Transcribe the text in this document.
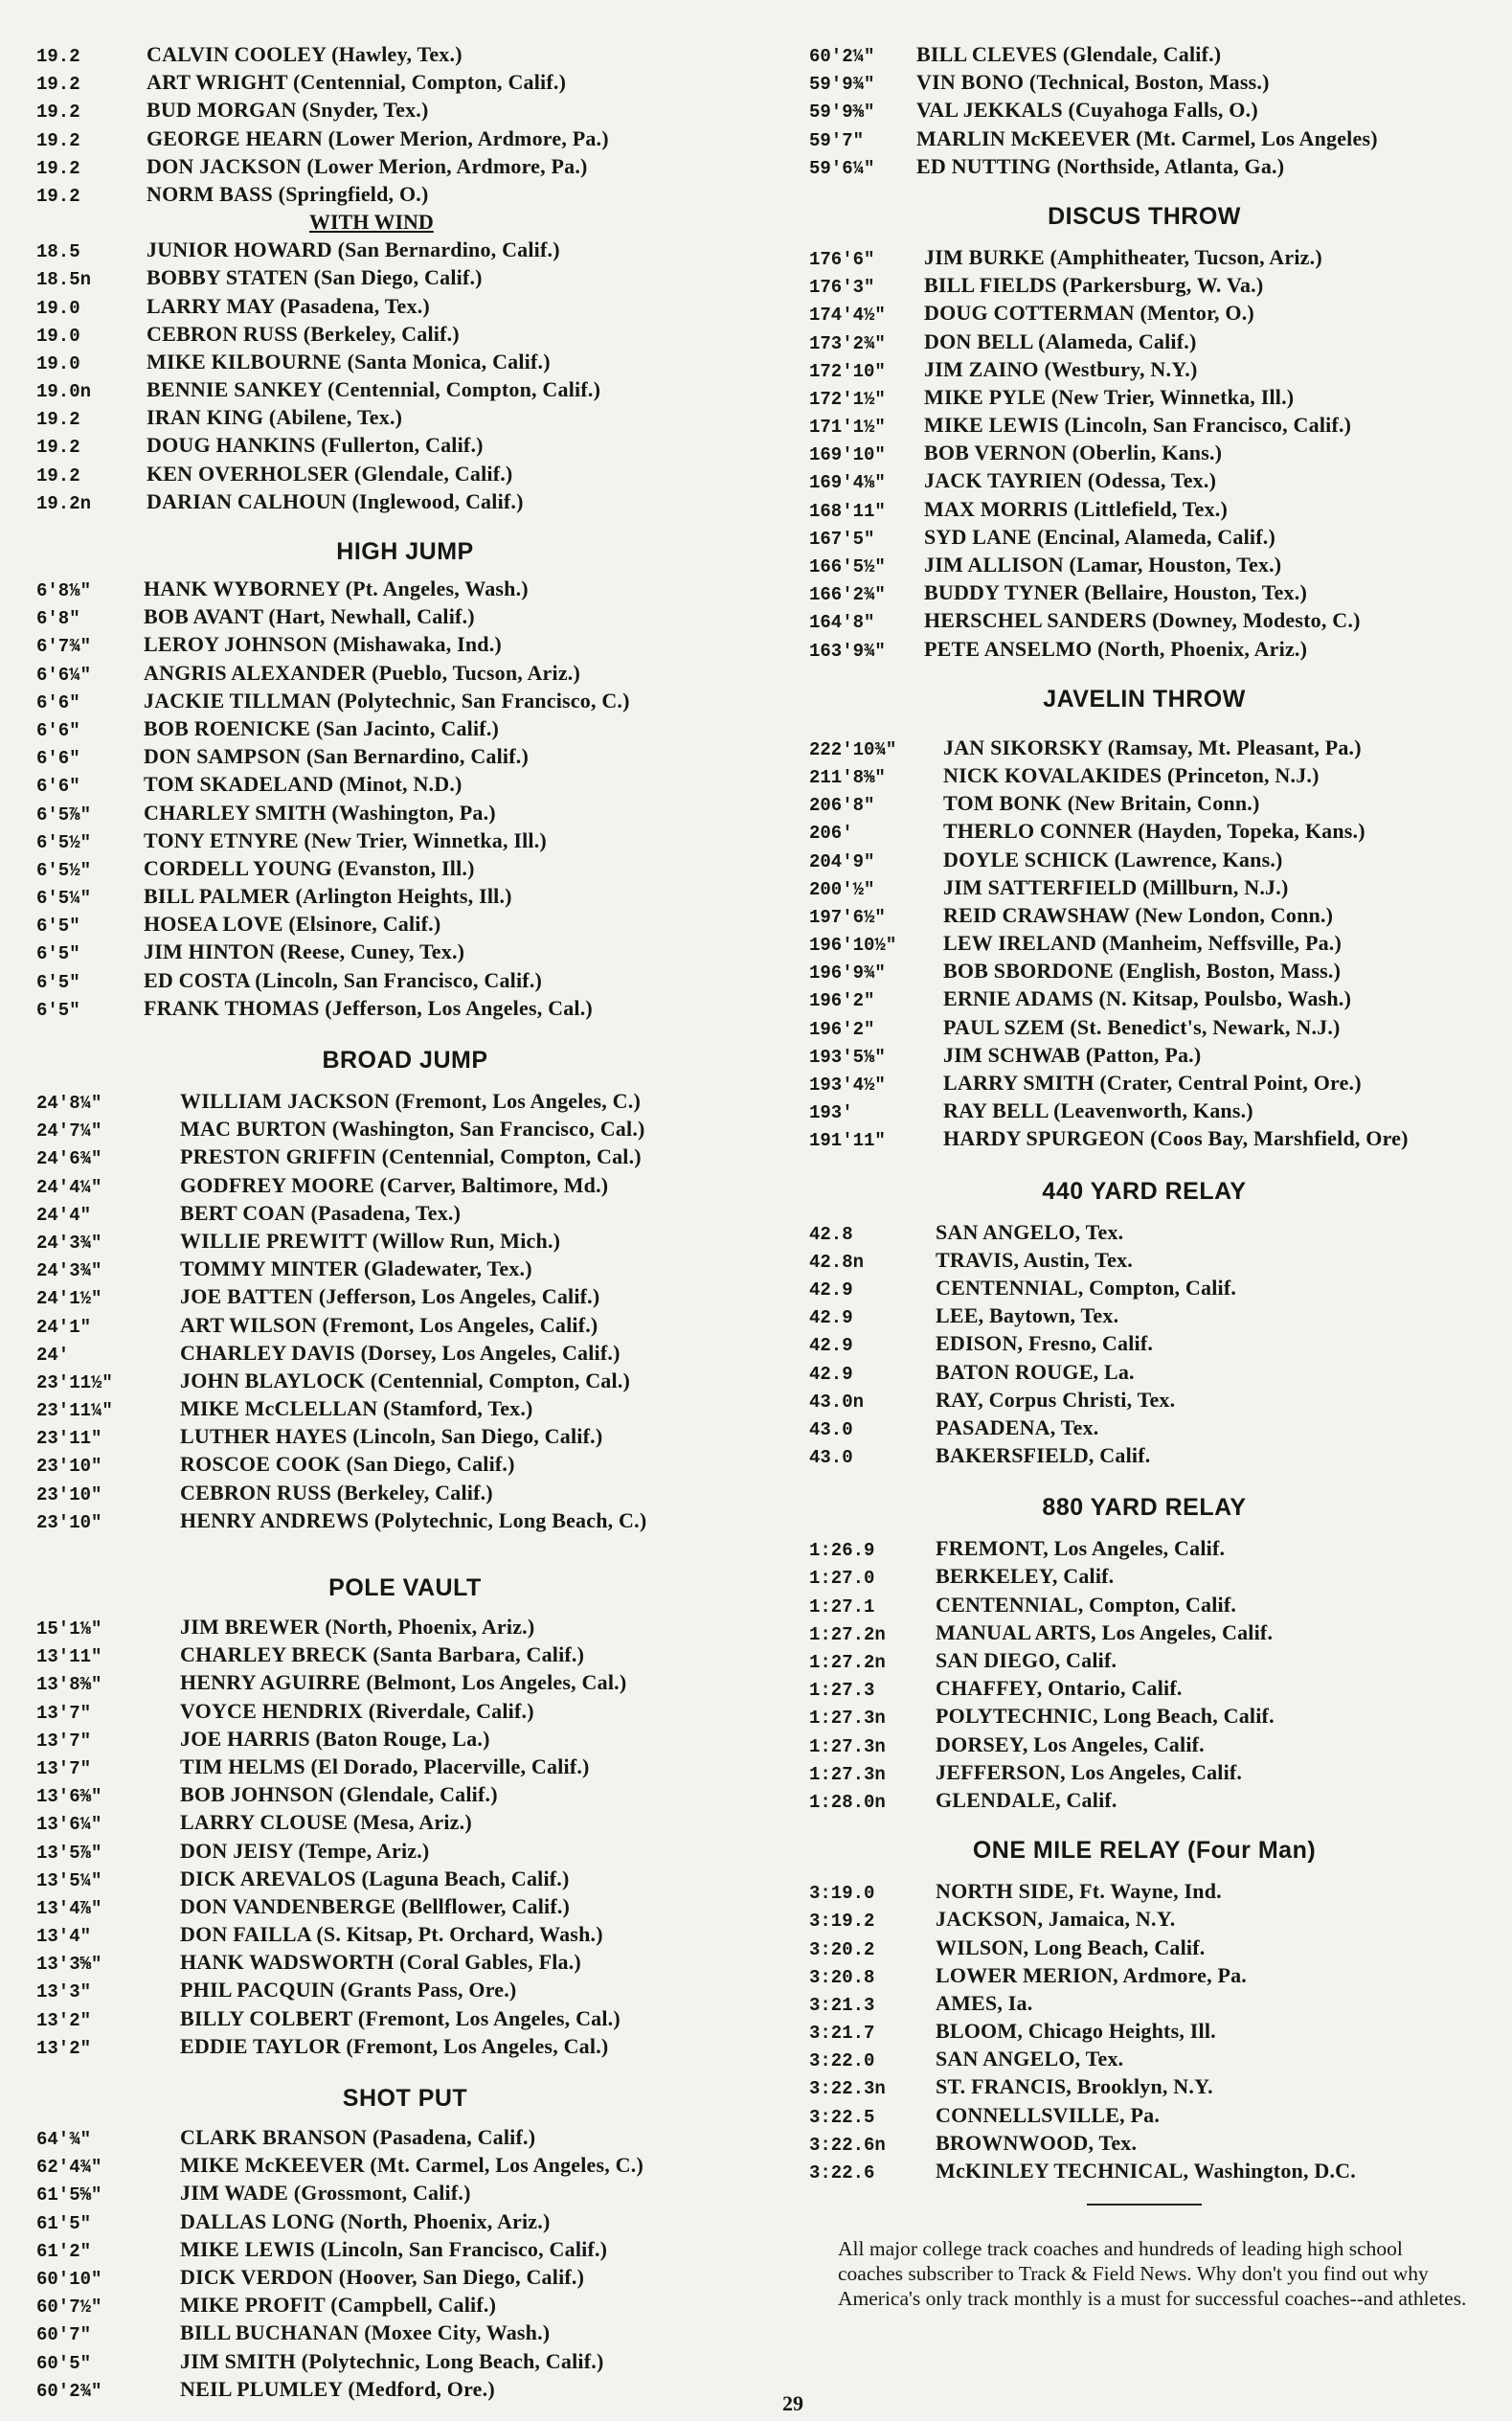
19.2	CALVIN COOLEY (Hawley, Tex.)
19.2	ART WRIGHT (Centennial, Compton, Calif.)
19.2	BUD MORGAN (Snyder, Tex.)
19.2	GEORGE HEARN (Lower Merion, Ardmore, Pa.)
19.2	DON JACKSON (Lower Merion, Ardmore, Pa.)
19.2	NORM BASS (Springfield, O.)
WITH WIND
18.5	JUNIOR HOWARD (San Bernardino, Calif.)
18.5n	BOBBY STATEN (San Diego, Calif.)
19.0	LARRY MAY (Pasadena, Tex.)
19.0	CEBRON RUSS (Berkeley, Calif.)
19.0	MIKE KILBOURNE (Santa Monica, Calif.)
19.0n	BENNIE SANKEY (Centennial, Compton, Calif.)
19.2	IRAN KING (Abilene, Tex.)
19.2	DOUG HANKINS (Fullerton, Calif.)
19.2	KEN OVERHOLSER (Glendale, Calif.)
19.2n	DARIAN CALHOUN (Inglewood, Calif.)
HIGH JUMP
6'8⅛"	HANK WYBORNEY (Pt. Angeles, Wash.)
6'8"	BOB AVANT (Hart, Newhall, Calif.)
6'7¾"	LEROY JOHNSON (Mishawaka, Ind.)
6'6¼"	ANGRIS ALEXANDER (Pueblo, Tucson, Ariz.)
6'6"	JACKIE TILLMAN (Polytechnic, San Francisco, C.)
6'6"	BOB ROENICKE (San Jacinto, Calif.)
6'6"	DON SAMPSON (San Bernardino, Calif.)
6'6"	TOM SKADELAND (Minot, N.D.)
6'5⅞"	CHARLEY SMITH (Washington, Pa.)
6'5½"	TONY ETNYRE (New Trier, Winnetka, Ill.)
6'5½"	CORDELL YOUNG (Evanston, Ill.)
6'5¼"	BILL PALMER (Arlington Heights, Ill.)
6'5"	HOSEA LOVE (Elsinore, Calif.)
6'5"	JIM HINTON (Reese, Cuney, Tex.)
6'5"	ED COSTA (Lincoln, San Francisco, Calif.)
6'5"	FRANK THOMAS (Jefferson, Los Angeles, Cal.)
BROAD JUMP
24'8¼"	WILLIAM JACKSON (Fremont, Los Angeles, C.)
24'7¼"	MAC BURTON (Washington, San Francisco, Cal.)
24'6¾"	PRESTON GRIFFIN (Centennial, Compton, Cal.)
24'4¼"	GODFREY MOORE (Carver, Baltimore, Md.)
24'4"	BERT COAN (Pasadena, Tex.)
24'3¾"	WILLIE PREWITT (Willow Run, Mich.)
24'3¾"	TOMMY MINTER (Gladewater, Tex.)
24'1½"	JOE BATTEN (Jefferson, Los Angeles, Calif.)
24'1"	ART WILSON (Fremont, Los Angeles, Calif.)
24'	CHARLEY DAVIS (Dorsey, Los Angeles, Calif.)
23'11½"	JOHN BLAYLOCK (Centennial, Compton, Cal.)
23'11¼"	MIKE McCLELLAN (Stamford, Tex.)
23'11"	LUTHER HAYES (Lincoln, San Diego, Calif.)
23'10"	ROSCOE COOK (San Diego, Calif.)
23'10"	CEBRON RUSS (Berkeley, Calif.)
23'10"	HENRY ANDREWS (Polytechnic, Long Beach, C.)
POLE VAULT
15'1⅛"	JIM BREWER (North, Phoenix, Ariz.)
13'11"	CHARLEY BRECK (Santa Barbara, Calif.)
13'8⅜"	HENRY AGUIRRE (Belmont, Los Angeles, Cal.)
13'7"	VOYCE HENDRIX (Riverdale, Calif.)
13'7"	JOE HARRIS (Baton Rouge, La.)
13'7"	TIM HELMS (El Dorado, Placerville, Calif.)
13'6⅜"	BOB JOHNSON (Glendale, Calif.)
13'6¼"	LARRY CLOUSE (Mesa, Ariz.)
13'5⅞"	DON JEISY (Tempe, Ariz.)
13'5¼"	DICK AREVALOS (Laguna Beach, Calif.)
13'4⅞"	DON VANDENBERGE (Bellflower, Calif.)
13'4"	DON FAILLA (S. Kitsap, Pt. Orchard, Wash.)
13'3⅝"	HANK WADSWORTH (Coral Gables, Fla.)
13'3"	PHIL PACQUIN (Grants Pass, Ore.)
13'2"	BILLY COLBERT (Fremont, Los Angeles, Cal.)
13'2"	EDDIE TAYLOR (Fremont, Los Angeles, Cal.)
SHOT PUT
64'¾"	CLARK BRANSON (Pasadena, Calif.)
62'4¾"	MIKE McKEEVER (Mt. Carmel, Los Angeles, C.)
61'5⅝"	JIM WADE (Grossmont, Calif.)
61'5"	DALLAS LONG (North, Phoenix, Ariz.)
61'2"	MIKE LEWIS (Lincoln, San Francisco, Calif.)
60'10"	DICK VERDON (Hoover, San Diego, Calif.)
60'7½"	MIKE PROFIT (Campbell, Calif.)
60'7"	BILL BUCHANAN (Moxee City, Wash.)
60'5"	JIM SMITH (Polytechnic, Long Beach, Calif.)
60'2¾"	NEIL PLUMLEY (Medford, Ore.)
60'2¼"	BILL CLEVES (Glendale, Calif.)
59'9¾"	VIN BONO (Technical, Boston, Mass.)
59'9⅜"	VAL JEKKALS (Cuyahoga Falls, O.)
59'7"	MARLIN McKEEVER (Mt. Carmel, Los Angeles)
59'6¼"	ED NUTTING (Northside, Atlanta, Ga.)
DISCUS THROW
176'6"	JIM BURKE (Amphitheater, Tucson, Ariz.)
176'3"	BILL FIELDS (Parkersburg, W. Va.)
174'4½"	DOUG COTTERMAN (Mentor, O.)
173'2¾"	DON BELL (Alameda, Calif.)
172'10"	JIM ZAINO (Westbury, N.Y.)
172'1½"	MIKE PYLE (New Trier, Winnetka, Ill.)
171'1½"	MIKE LEWIS (Lincoln, San Francisco, Calif.)
169'10"	BOB VERNON (Oberlin, Kans.)
169'4⅛"	JACK TAYRIEN (Odessa, Tex.)
168'11"	MAX MORRIS (Littlefield, Tex.)
167'5"	SYD LANE (Encinal, Alameda, Calif.)
166'5½"	JIM ALLISON (Lamar, Houston, Tex.)
166'2¾"	BUDDY TYNER (Bellaire, Houston, Tex.)
164'8"	HERSCHEL SANDERS (Downey, Modesto, C.)
163'9¾"	PETE ANSELMO (North, Phoenix, Ariz.)
JAVELIN THROW
222'10¾"	JAN SIKORSKY (Ramsay, Mt. Pleasant, Pa.)
211'8⅜"	NICK KOVALAKIDES (Princeton, N.J.)
206'8"	TOM BONK (New Britain, Conn.)
206'	THERLO CONNER (Hayden, Topeka, Kans.)
204'9"	DOYLE SCHICK (Lawrence, Kans.)
200'½"	JIM SATTERFIELD (Millburn, N.J.)
197'6½"	REID CRAWSHAW (New London, Conn.)
196'10½"	LEW IRELAND (Manheim, Neffsville, Pa.)
196'9¾"	BOB SBORDONE (English, Boston, Mass.)
196'2"	ERNIE ADAMS (N. Kitsap, Poulsbo, Wash.)
196'2"	PAUL SZEM (St. Benedict's, Newark, N.J.)
193'5⅛"	JIM SCHWAB (Patton, Pa.)
193'4½"	LARRY SMITH (Crater, Central Point, Ore.)
193'	RAY BELL (Leavenworth, Kans.)
191'11"	HARDY SPURGEON (Coos Bay, Marshfield, Ore)
440 YARD RELAY
42.8	SAN ANGELO, Tex.
42.8n	TRAVIS, Austin, Tex.
42.9	CENTENNIAL, Compton, Calif.
42.9	LEE, Baytown, Tex.
42.9	EDISON, Fresno, Calif.
42.9	BATON ROUGE, La.
43.0n	RAY, Corpus Christi, Tex.
43.0	PASADENA, Tex.
43.0	BAKERSFIELD, Calif.
880 YARD RELAY
1:26.9	FREMONT, Los Angeles, Calif.
1:27.0	BERKELEY, Calif.
1:27.1	CENTENNIAL, Compton, Calif.
1:27.2n	MANUAL ARTS, Los Angeles, Calif.
1:27.2n	SAN DIEGO, Calif.
1:27.3	CHAFFEY, Ontario, Calif.
1:27.3n	POLYTECHNIC, Long Beach, Calif.
1:27.3n	DORSEY, Los Angeles, Calif.
1:27.3n	JEFFERSON, Los Angeles, Calif.
1:28.0n	GLENDALE, Calif.
ONE MILE RELAY (Four Man)
3:19.0	NORTH SIDE, Ft. Wayne, Ind.
3:19.2	JACKSON, Jamaica, N.Y.
3:20.2	WILSON, Long Beach, Calif.
3:20.8	LOWER MERION, Ardmore, Pa.
3:21.3	AMES, Ia.
3:21.7	BLOOM, Chicago Heights, Ill.
3:22.0	SAN ANGELO, Tex.
3:22.3n	ST. FRANCIS, Brooklyn, N.Y.
3:22.5	CONNELLSVILLE, Pa.
3:22.6n	BROWNWOOD, Tex.
3:22.6	McKINLEY TECHNICAL, Washington, D.C.
All major college track coaches and hundreds of leading high school coaches subscriber to Track & Field News. Why don't you find out why America's only track monthly is a must for successful coaches--and athletes.
29
